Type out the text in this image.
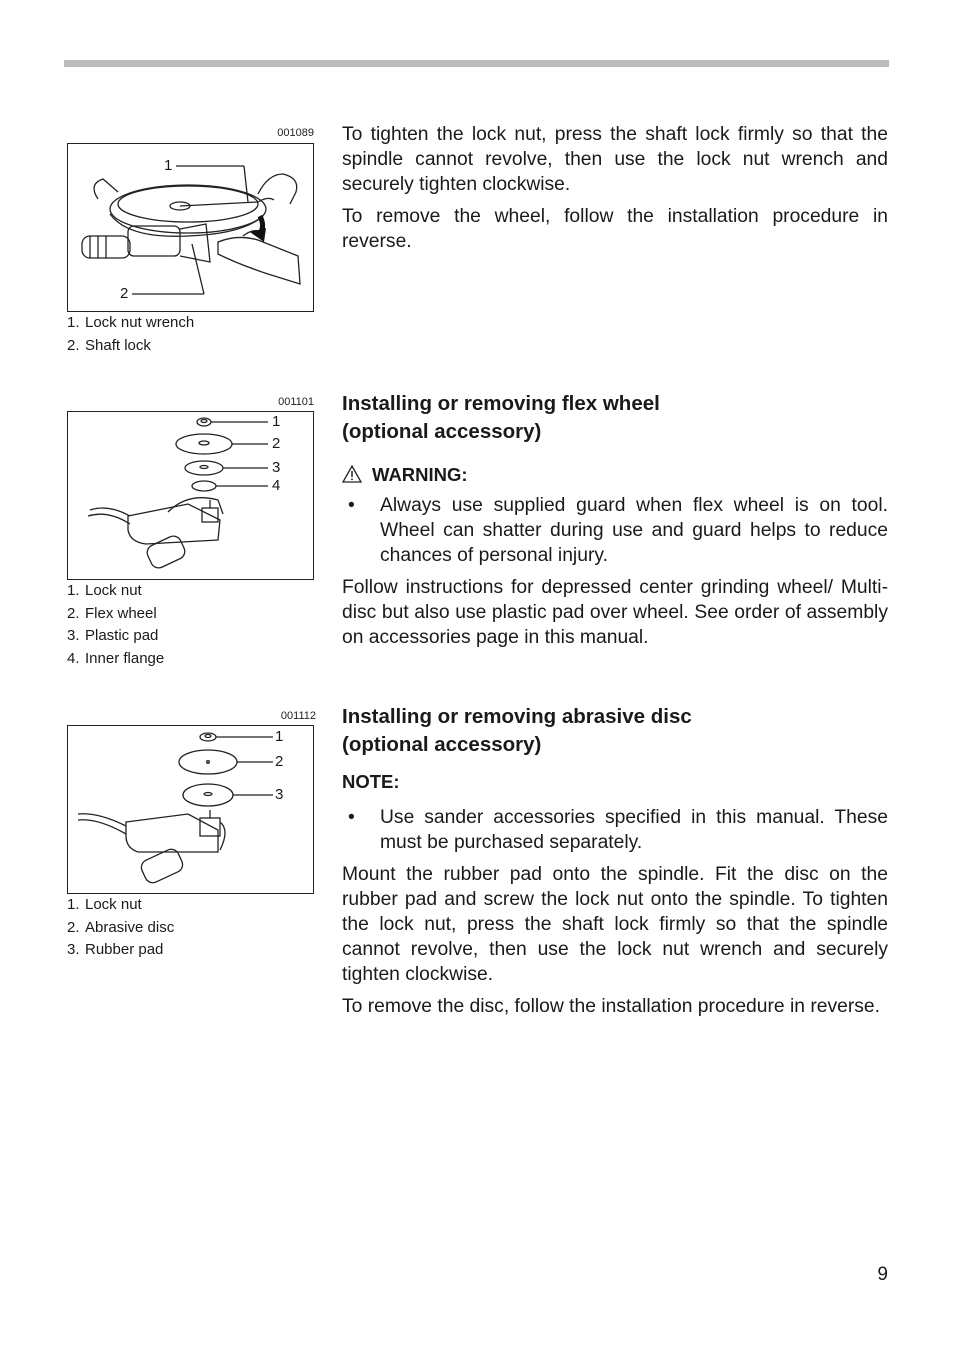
001089
1
2
1. Lock nut wrench
2. Shaft lock

To tighten the lock nut, press the shaft lock firmly so that the spindle cannot revolve, then use the lock nut wrench and securely tighten clockwise.

To remove the wheel, follow the installation procedure in reverse.

001101
1
2
3
4
1. Lock nut
2. Flex wheel
3. Plastic pad
4. Inner flange
Installing or removing flex wheel
(optional accessory)
WARNING:
• Always use supplied guard when flex wheel is on tool. Wheel can shatter during use and guard helps to reduce chances of personal injury.

Follow instructions for depressed center grinding wheel/ Multi-disc but also use plastic pad over wheel. See order of assembly on accessories page in this manual.

001112
1
2
3
1. Lock nut
2. Abrasive disc
3. Rubber pad
Installing or removing abrasive disc
(optional accessory)
NOTE:
• Use sander accessories specified in this manual. These must be purchased separately.

Mount the rubber pad onto the spindle. Fit the disc on the rubber pad and screw the lock nut onto the spindle. To tighten the lock nut, press the shaft lock firmly so that the spindle cannot revolve, then use the lock nut wrench and securely tighten clockwise.

To remove the disc, follow the installation procedure in reverse.

9
